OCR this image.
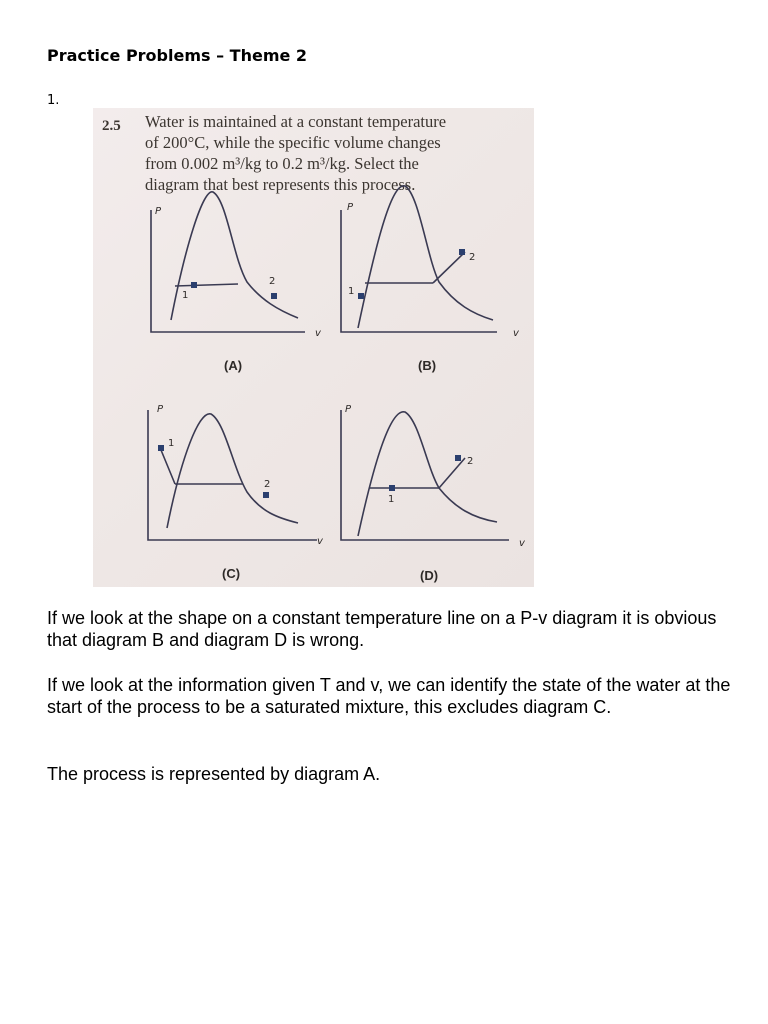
Practice Problems – Theme 2
1.
2.5 Water is maintained at a constant temperature

of 200°C, while the specific volume changes

from 0.002 m³/kg to 0.2 m³/kg. Select the

diagram that best represents this process.

P
v
P
v
P
v
P
v
1
2
1
2
1
2
1
2
(A)	(B)
(C)	(D)

If we look at the shape on a constant temperature line on a P-v diagram it is obvious that diagram B and diagram D is wrong.

If we look at the information given T and v, we can identify the state of the water at the start of the process to be a saturated mixture, this excludes diagram C.

The process is represented by diagram A.
